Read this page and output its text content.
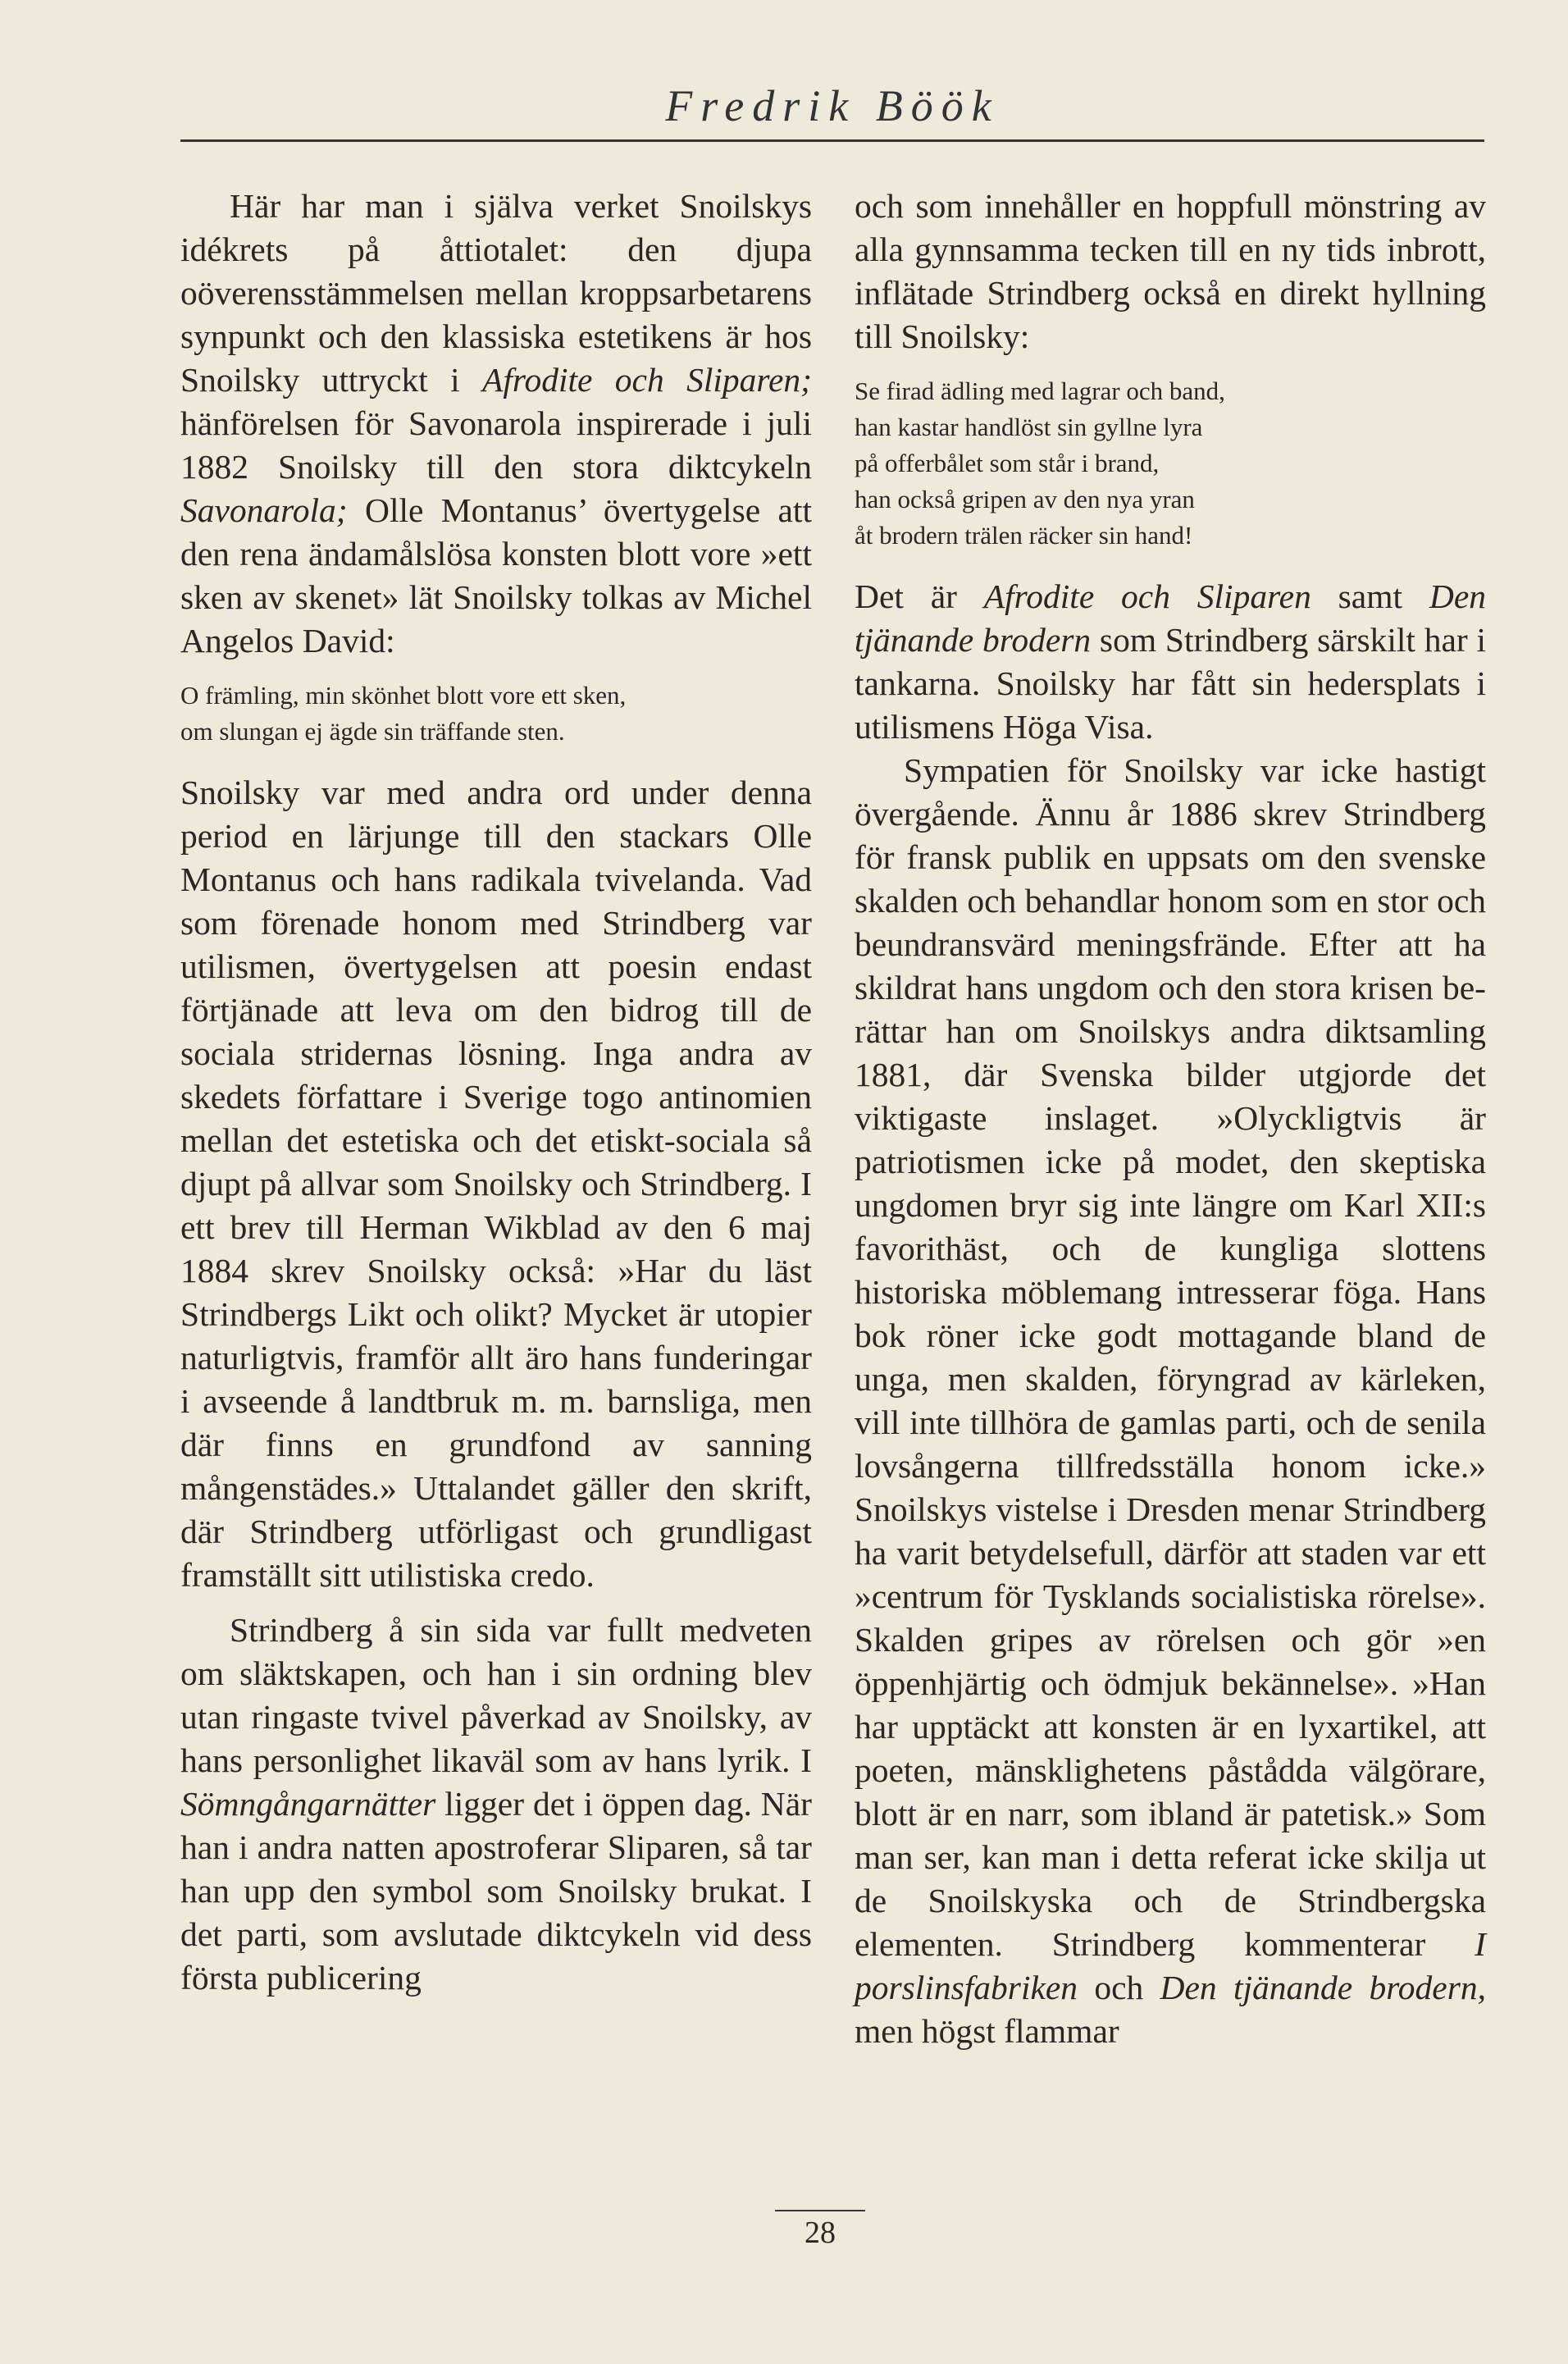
Fredrik Böök

Här har man i själva verket Snoilskys idékrets på åttiotalet: den djupa oöverensstämmelsen mellan kroppsarbetarens synpunkt och den klassiska estetikens är hos Snoilsky uttryckt i Afrodite och Sliparen; hänförelsen för Savonarola inspirerade i juli 1882 Snoilsky till den stora diktcykeln Savonarola; Olle Montanus’ övertygelse att den rena ändamålslösa konsten blott vore »ett sken av skenet» lät Snoilsky tolkas av Michel Angelos David:

O främling, min skönhet blott vore ett sken,
om slungan ej ägde sin träffande sten.

Snoilsky var med andra ord under denna period en lärjunge till den stackars Olle Montanus och hans radikala tvivelanda. Vad som förenade honom med Strindberg var utilismen, övertygelsen att poesin endast förtjänade att leva om den bidrog till de sociala stridernas lösning. Inga andra av skedets författare i Sverige togo antinomien mellan det estetiska och det etiskt-sociala så djupt på allvar som Snoilsky och Strindberg. I ett brev till Herman Wikblad av den 6 maj 1884 skrev Snoilsky också: »Har du läst Strindbergs Likt och olikt? Mycket är utopier naturligtvis, framför allt äro hans funderingar i avseende å landtbruk m. m. barnsliga, men där finns en grundfond av sanning mångenstädes.» Uttalandet gäller den skrift, där Strindberg utförligast och grundligast framställt sitt utilistiska credo.

Strindberg å sin sida var fullt medveten om släktskapen, och han i sin ordning blev utan ringaste tvivel påverkad av Snoilsky, av hans personlighet likaväl som av hans lyrik. I Sömngångarnätter ligger det i öppen dag. När han i andra natten apostroferar Sliparen, så tar han upp den symbol som Snoilsky brukat. I det parti, som avslutade diktcykeln vid dess första publicering

och som innehåller en hoppfull mönstring av alla gynnsamma tecken till en ny tids inbrott, inflätade Strindberg också en direkt hyllning till Snoilsky:

Se firad ädling med lagrar och band,
han kastar handlöst sin gyllne lyra
på offerbålet som står i brand,
han också gripen av den nya yran
åt brodern trälen räcker sin hand!

Det är Afrodite och Sliparen samt Den tjänande brodern som Strindberg särskilt har i tankarna. Snoilsky har fått sin hedersplats i utilismens Höga Visa.

Sympatien för Snoilsky var icke hastigt övergående. Ännu år 1886 skrev Strindberg för fransk publik en uppsats om den svenske skalden och behandlar honom som en stor och beundransvärd meningsfrände. Efter att ha skildrat hans ungdom och den stora krisen berättar han om Snoilskys andra diktsamling 1881, där Svenska bilder utgjorde det viktigaste inslaget. »Olyckligtvis är patriotismen icke på modet, den skeptiska ungdomen bryr sig inte längre om Karl XII:s favorithäst, och de kungliga slottens historiska möblemang intresserar föga. Hans bok röner icke godt mottagande bland de unga, men skalden, föryngrad av kärleken, vill inte tillhöra de gamlas parti, och de senila lovsångerna tillfredsställa honom icke.» Snoilskys vistelse i Dresden menar Strindberg ha varit betydelsefull, därför att staden var ett »centrum för Tysklands socialistiska rörelse». Skalden gripes av rörelsen och gör »en öppenhjärtig och ödmjuk bekännelse». »Han har upptäckt att konsten är en lyxartikel, att poeten, mänsklighetens påstådda välgörare, blott är en narr, som ibland är patetisk.» Som man ser, kan man i detta referat icke skilja ut de Snoilskyska och de Strindbergska elementen. Strindberg kommenterar I porslinsfabriken och Den tjänande brodern, men högst flammar

28
